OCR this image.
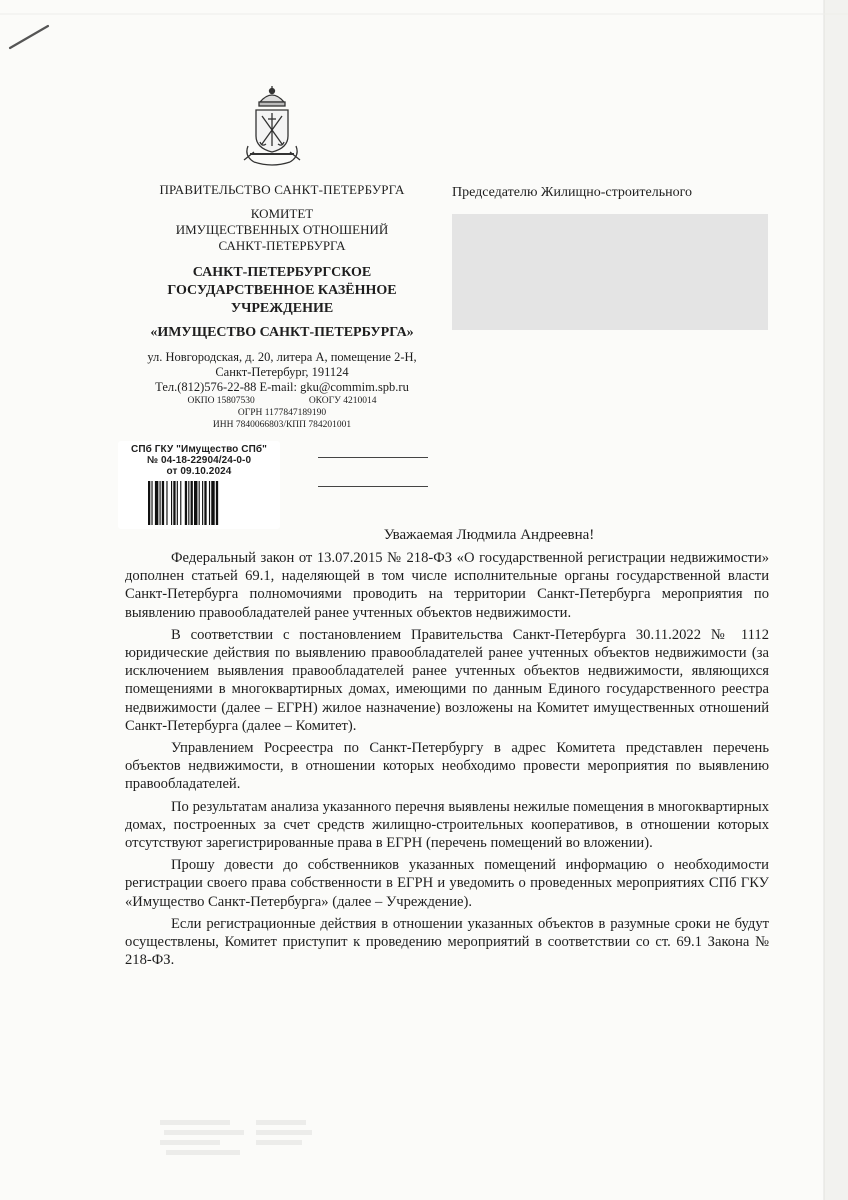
ПРАВИТЕЛЬСТВО САНКТ-ПЕТЕРБУРГА
КОМИТЕТ
ИМУЩЕСТВЕННЫХ ОТНОШЕНИЙ
САНКТ-ПЕТЕРБУРГА
САНКТ-ПЕТЕРБУРГСКОЕ
ГОСУДАРСТВЕННОЕ КАЗЁННОЕ
УЧРЕЖДЕНИЕ
«ИМУЩЕСТВО САНКТ-ПЕТЕРБУРГА»
ул. Новгородская, д. 20, литера А, помещение 2-Н,
Санкт-Петербург, 191124
Тел.(812)576-22-88 E-mail: gku@commim.spb.ru
ОКПО 15807530	ОКОГУ 4210014
ОГРН 1177847189190
ИНН 7840066803/КПП 784201001
Председателю Жилищно-строительного
СПб ГКУ "Имущество СПб"
№ 04-18-22904/24-0-0
от 09.10.2024
Уважаемая Людмила Андреевна!

Федеральный закон от 13.07.2015 № 218-ФЗ «О государственной регистрации недвижимости» дополнен статьей 69.1, наделяющей в том числе исполнительные органы государственной власти Санкт-Петербурга полномочиями проводить на территории Санкт-Петербурга мероприятия по выявлению правообладателей ранее учтенных объектов недвижимости.

В соответствии с постановлением Правительства Санкт-Петербурга 30.11.2022 № 1112 юридические действия по выявлению правообладателей ранее учтенных объектов недвижимости (за исключением выявления правообладателей ранее учтенных объектов недвижимости, являющихся помещениями в многоквартирных домах, имеющими по данным Единого государственного реестра недвижимости (далее – ЕГРН) жилое назначение) возложены на Комитет имущественных отношений Санкт-Петербурга (далее – Комитет).

Управлением Росреестра по Санкт-Петербургу в адрес Комитета представлен перечень объектов недвижимости, в отношении которых необходимо провести мероприятия по выявлению правообладателей.

По результатам анализа указанного перечня выявлены нежилые помещения в многоквартирных домах, построенных за счет средств жилищно-строительных кооперативов, в отношении которых отсутствуют зарегистрированные права в ЕГРН (перечень помещений во вложении).

Прошу довести до собственников указанных помещений информацию о необходимости регистрации своего права собственности в ЕГРН и уведомить о проведенных мероприятиях СПб ГКУ «Имущество Санкт-Петербурга» (далее – Учреждение).

Если регистрационные действия в отношении указанных объектов в разумные сроки не будут осуществлены, Комитет приступит к проведению мероприятий в соответствии со ст. 69.1 Закона № 218-ФЗ.
